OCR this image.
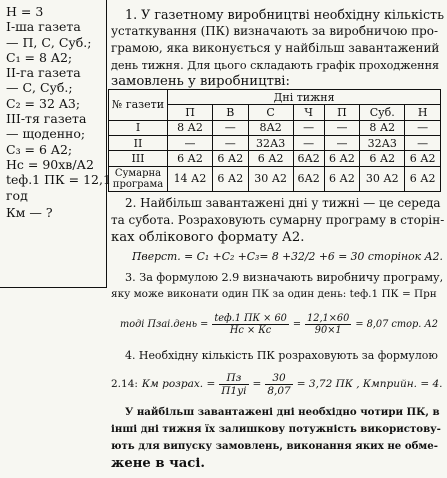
Н = 3
І-ша газета
— П, С, Суб.;
C₁ = 8 A2;
ІІ-га газета
— С, Суб.;
C₂ = 32 A3;
ІІІ-тя газета
— щоденно;
C₃ = 6 A2;
Hс = 90хв/А2
tеф.1 ПК = 12,1
год
Км — ?
1. У газетному виробництві необхідну кількість
устаткування (ПК) визначають за виробничою про-
грамою, яка виконується у найбільш завантажений
день тижня. Для цього складають графік проходження
замовлень у виробництві:
№ газети	Дні тижня						
	П	В	С	Ч	П	Суб.	Н
І	8 А2	—	8А2	—	—	8 А2	—
ІІ	—	—	32А3	—	—	32А3	—
ІІІ	6 А2	6 А2	6 А2	6А2	6 А2	6 А2	6 А2
Сумарна програма	14 А2	6 А2	30 А2	6А2	6 А2	30 А2	6 А2
2. Найбільш завантажені дні у тижні — це середа
та субота. Розраховують сумарну програму в сторін-
ках облікового формату А2.
Пверст. = C₁ +C₂ +C₃= 8 +32/2 +6 = 30 сторінок А2.
3. За формулою 2.9 визначають виробничу програму,
яку може виконати один ПК за один день: tеф.1 ПК = Прн
тоді Пзаі.день = $\frac{\text{tеф.1 ПК × 60}}{Нс \times Кс} = \frac{12,1\times 60}{90\times 1} = 8,07$ стор. А2
4. Необхідну кількість ПК розраховують за формулою
2.14: Км розрах. = $\frac{Пз}{П1уі} = \frac{30}{8,07} = 3,72$ ПК , Кмприйн. = 4.
У найбільш завантажені дні необхідно чотири ПК, в
інші дні тижня їх залишкову потужність використову-
ють для випуску замовлень, виконання яких не обме-
жене в часі.
